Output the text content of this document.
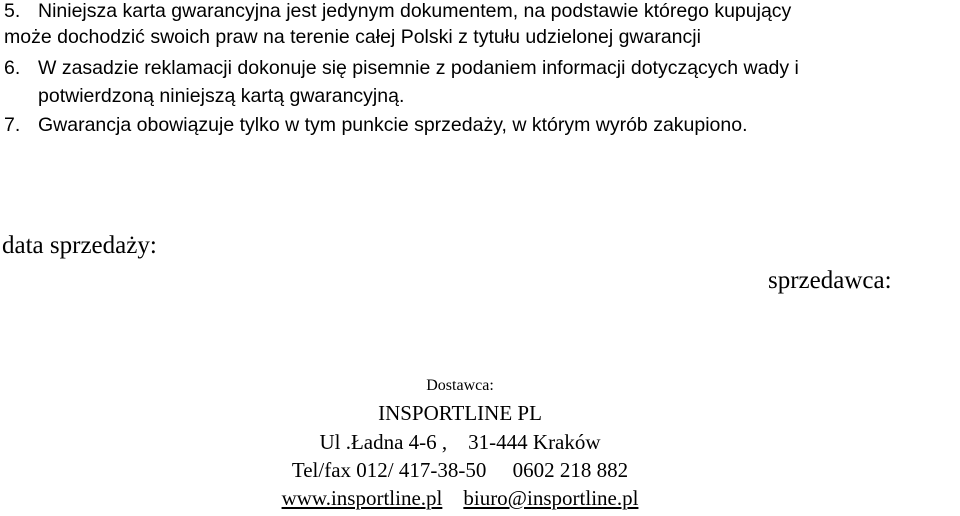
5. Niniejsza karta gwarancyjna jest jedynym dokumentem, na podstawie którego kupujący
może dochodzić swoich praw na terenie całej Polski z tytułu udzielonej gwarancji
6. W zasadzie reklamacji dokonuje się pisemnie z podaniem informacji dotyczących wady i
potwierdzoną niniejszą kartą gwarancyjną.
7. Gwarancja obowiązuje tylko w tym punkcie sprzedaży, w którym wyrób zakupiono.
data sprzedaży:
sprzedawca:
Dostawca:
INSPORTLINE PL
Ul .Ładna 4-6 , 31-444 Kraków
Tel/fax 012/ 417-38-50 0602 218 882
www.insportline.pl biuro@insportline.pl
